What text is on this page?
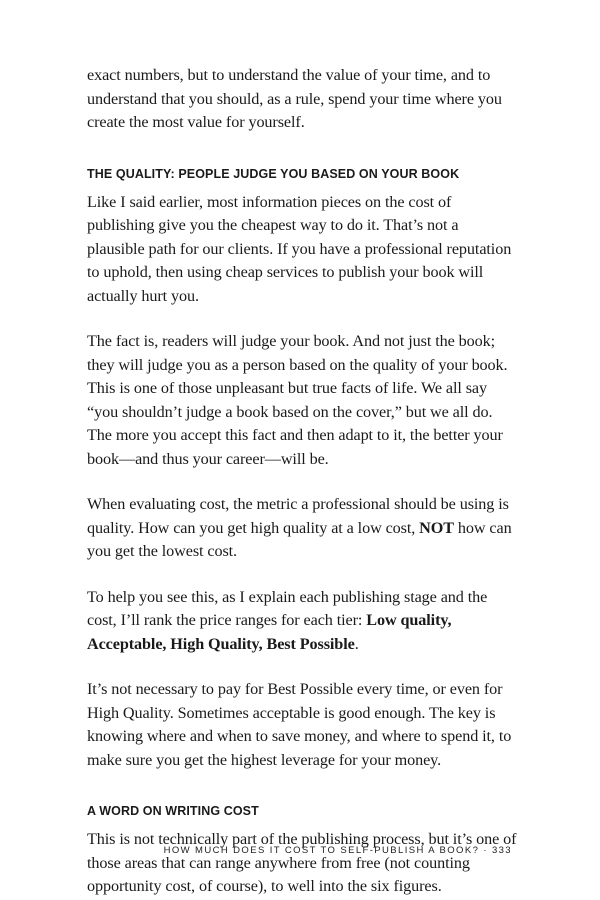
exact numbers, but to understand the value of your time, and to understand that you should, as a rule, spend your time where you create the most value for yourself.

THE QUALITY: PEOPLE JUDGE YOU BASED ON YOUR BOOK

Like I said earlier, most information pieces on the cost of publishing give you the cheapest way to do it. That’s not a plausible path for our clients. If you have a professional reputation to uphold, then using cheap services to publish your book will actually hurt you.

The fact is, readers will judge your book. And not just the book; they will judge you as a person based on the quality of your book. This is one of those unpleasant but true facts of life. We all say “you shouldn’t judge a book based on the cover,” but we all do. The more you accept this fact and then adapt to it, the better your book—and thus your career—will be.

When evaluating cost, the metric a professional should be using is quality. How can you get high quality at a low cost, NOT how can you get the lowest cost.

To help you see this, as I explain each publishing stage and the cost, I’ll rank the price ranges for each tier: Low quality, Acceptable, High Quality, Best Possible.

It’s not necessary to pay for Best Possible every time, or even for High Quality. Sometimes acceptable is good enough. The key is knowing where and when to save money, and where to spend it, to make sure you get the highest leverage for your money.

A WORD ON WRITING COST

This is not technically part of the publishing process, but it’s one of those areas that can range anywhere from free (not counting opportunity cost, of course), to well into the six figures.

HOW MUCH DOES IT COST TO SELF-PUBLISH A BOOK? · 333
